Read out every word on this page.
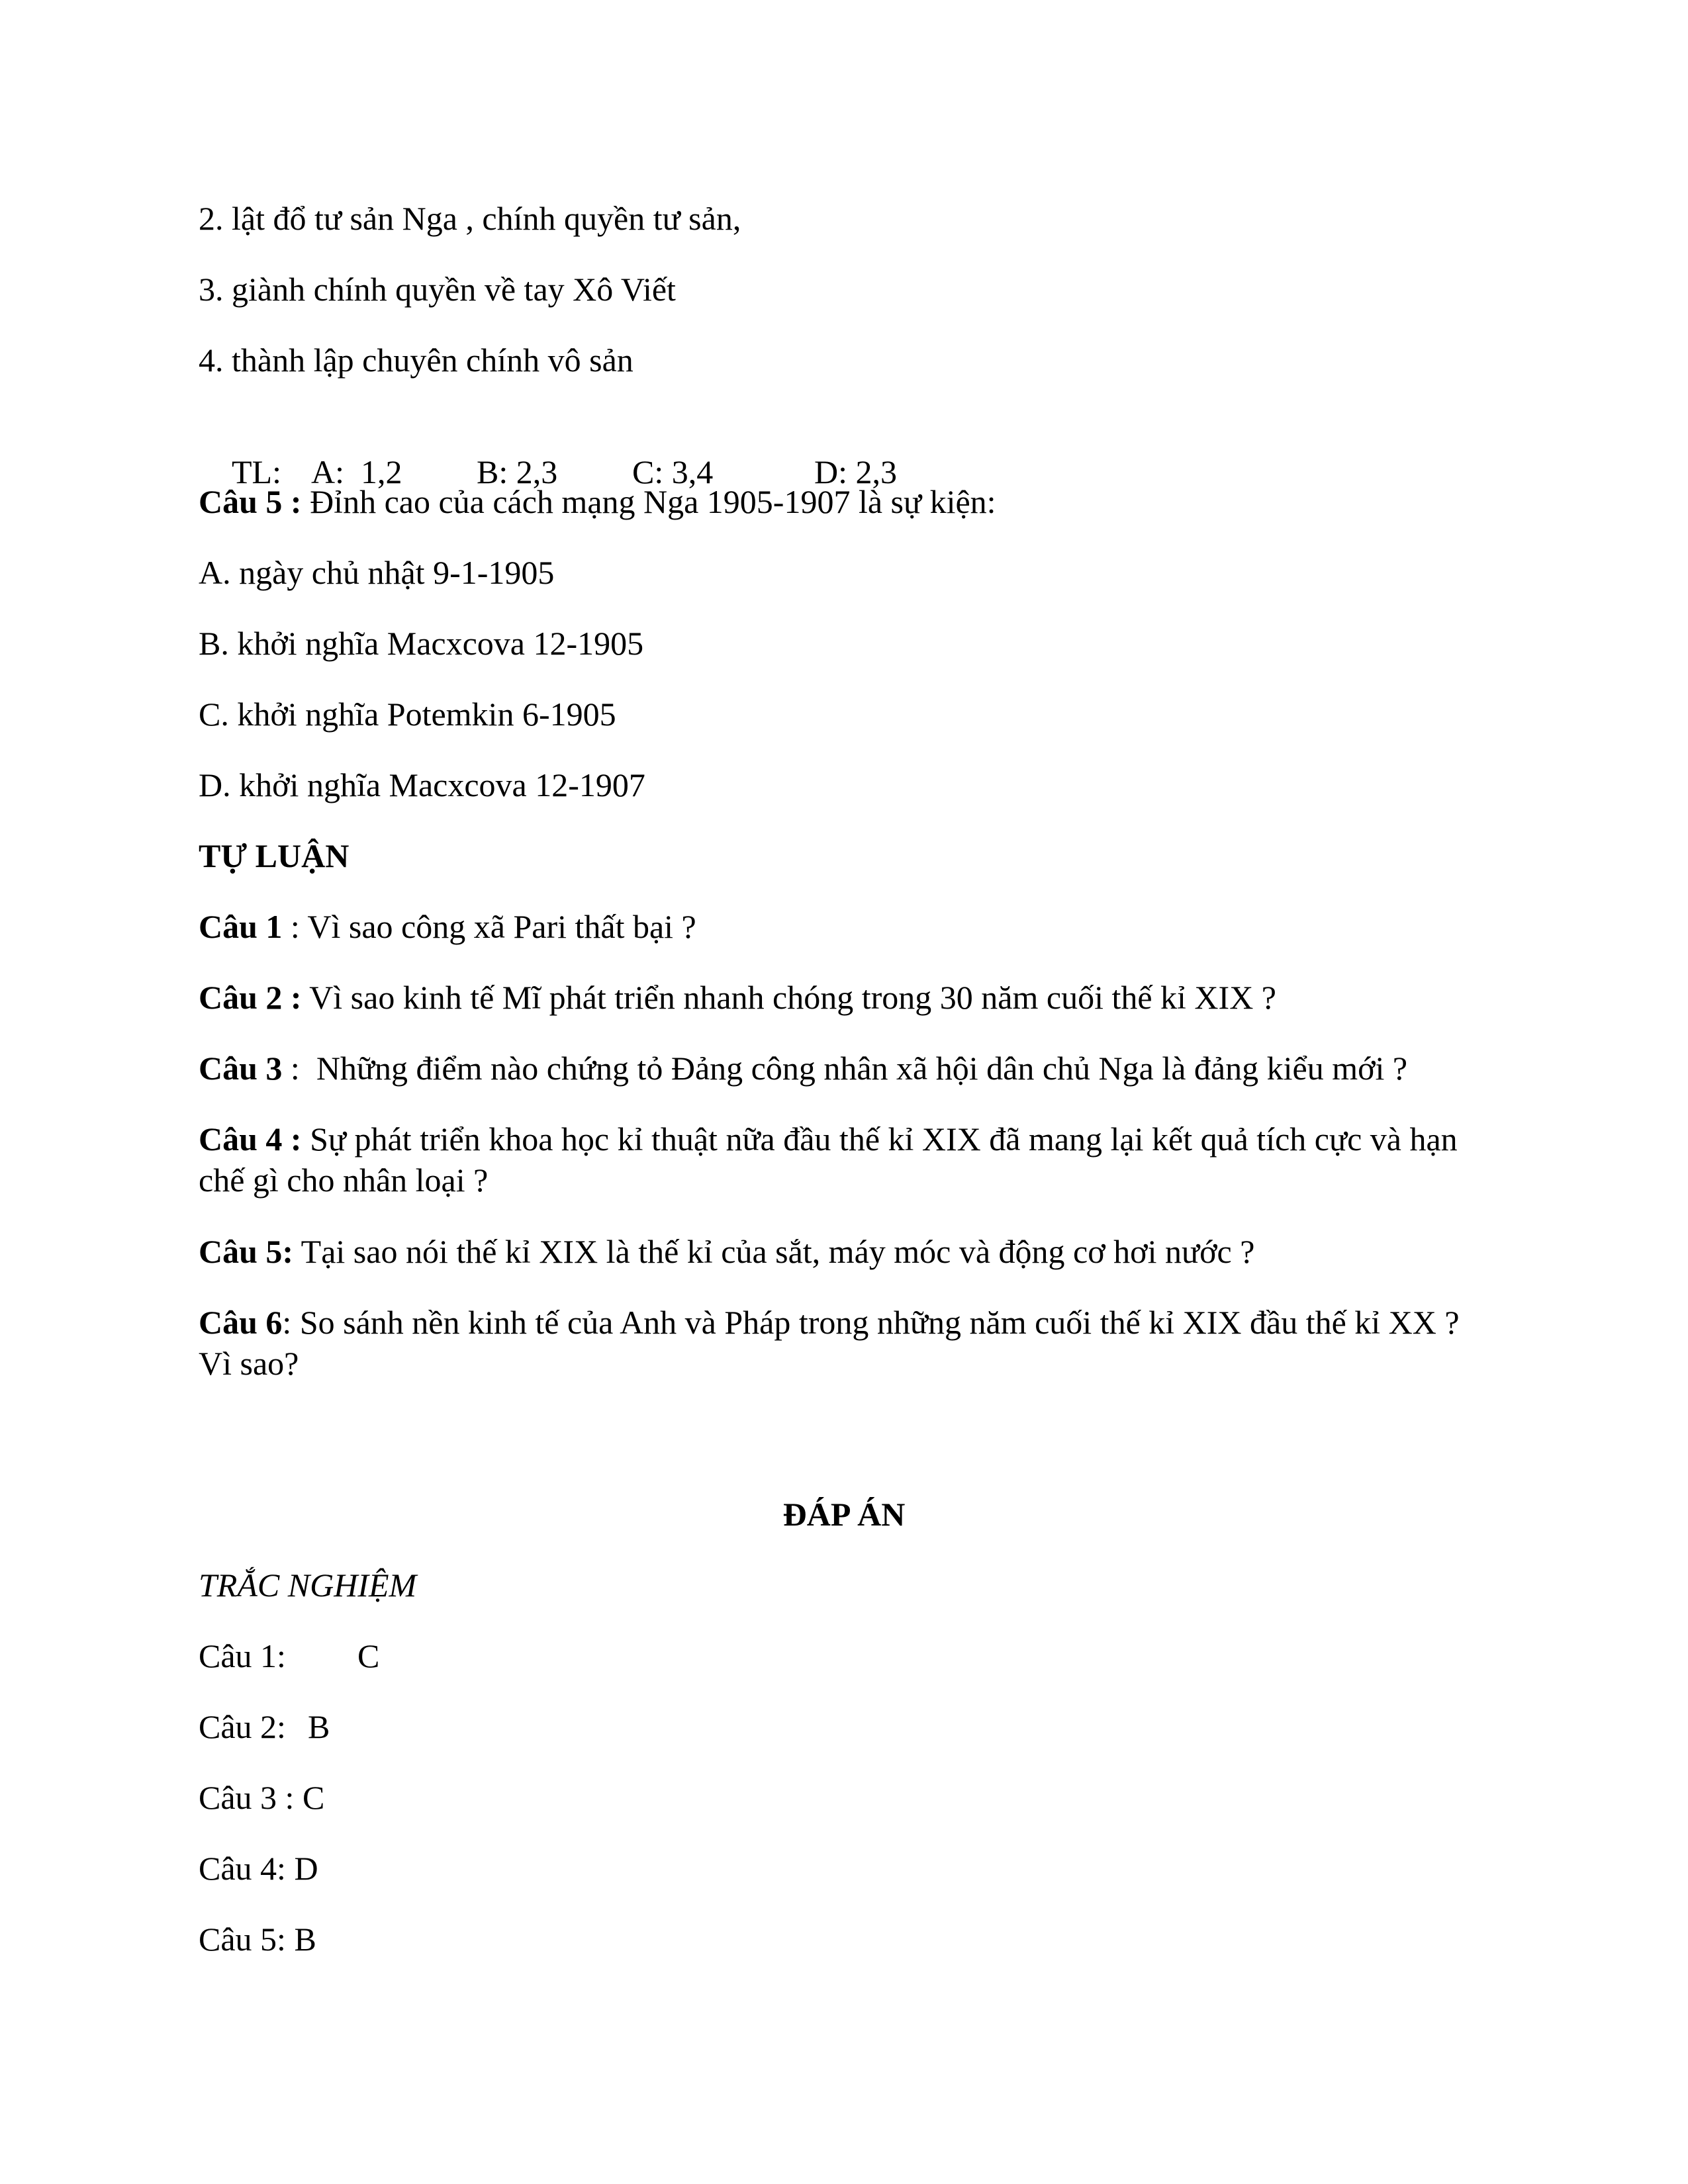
2. lật đổ tư sản Nga , chính quyền tư sản,
3. giành chính quyền về tay Xô Viết
4. thành lập chuyên chính vô sản

TL: A:  1,2 B: 2,3 C: 3,4	D: 2,3

Câu 5 : Đỉnh cao của cách mạng Nga 1905-1907 là sự kiện:
A. ngày chủ nhật 9-1-1905
B. khởi nghĩa Macxcova 12-1905
C. khởi nghĩa Potemkin 6-1905
D. khởi nghĩa Macxcova 12-1907
TỰ LUẬN
Câu 1 : Vì sao công xã Pari thất bại ?
Câu 2 : Vì sao kinh tế Mĩ phát triển nhanh chóng trong 30 năm cuối thế kỉ XIX ?
Câu 3 :  Những điểm nào chứng tỏ Đảng công nhân xã hội dân chủ Nga là đảng kiểu mới ?
Câu 4 : Sự phát triển khoa học kỉ thuật nữa đầu thế kỉ XIX đã mang lại kết quả tích cực và hạn chế gì cho nhân loại ?
Câu 5: Tại sao nói thế kỉ XIX là thế kỉ của sắt, máy móc và động cơ hơi nước ?
Câu 6: So sánh nền kinh tế của Anh và Pháp trong những năm cuối thế kỉ XIX đầu thế kỉ XX ? Vì sao?
ĐÁP ÁN
TRẮC NGHIỆM
Câu 1: C
Câu 2: B
Câu 3 : C
Câu 4: D
Câu 5: B
